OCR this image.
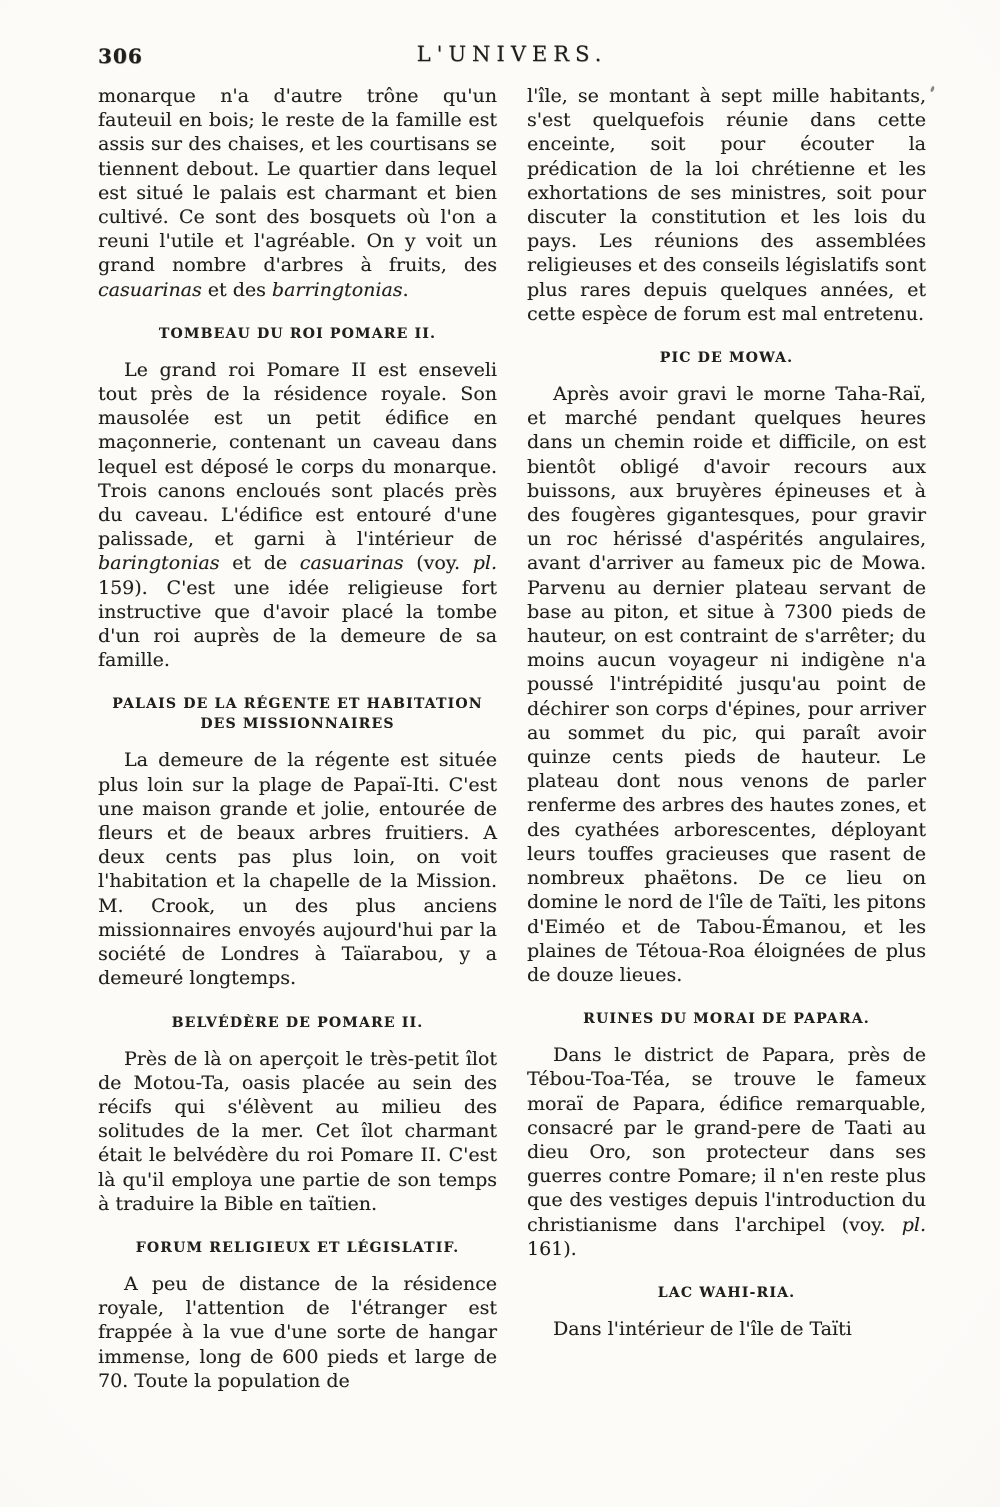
306	L'UNIVERS.

monarque n'a d'autre trône qu'un fauteuil en bois; le reste de la famille est assis sur des chaises, et les courtisans se tiennent debout. Le quartier dans lequel est situé le palais est charmant et bien cultivé. Ce sont des bosquets où l'on a reuni l'utile et l'agréable. On y voit un grand nombre d'arbres à fruits, des casuarinas et des barringtonias.

TOMBEAU DU ROI POMARE II.

Le grand roi Pomare II est enseveli tout près de la résidence royale. Son mausolée est un petit édifice en maçonnerie, contenant un caveau dans lequel est déposé le corps du monarque. Trois canons encloués sont placés près du caveau. L'édifice est entouré d'une palissade, et garni à l'intérieur de baringtonias et de casuarinas (voy. pl. 159). C'est une idée religieuse fort instructive que d'avoir placé la tombe d'un roi auprès de la demeure de sa famille.

PALAIS DE LA RÉGENTE ET HABITATION DES MISSIONNAIRES

La demeure de la régente est située plus loin sur la plage de Papaï-Iti. C'est une maison grande et jolie, entourée de fleurs et de beaux arbres fruitiers. A deux cents pas plus loin, on voit l'habitation et la chapelle de la Mission. M. Crook, un des plus anciens missionnaires envoyés aujourd'hui par la société de Londres à Taïarabou, y a demeuré longtemps.

BELVÉDÈRE DE POMARE II.

Près de là on aperçoit le très-petit îlot de Motou-Ta, oasis placée au sein des récifs qui s'élèvent au milieu des solitudes de la mer. Cet îlot charmant était le belvédère du roi Pomare II. C'est là qu'il employa une partie de son temps à traduire la Bible en taïtien.

FORUM RELIGIEUX ET LÉGISLATIF.

A peu de distance de la résidence royale, l'attention de l'étranger est frappée à la vue d'une sorte de hangar immense, long de 600 pieds et large de 70. Toute la population de

l'île, se montant à sept mille habitants, s'est quelquefois réunie dans cette enceinte, soit pour écouter la prédication de la loi chrétienne et les exhortations de ses ministres, soit pour discuter la constitution et les lois du pays. Les réunions des assemblées religieuses et des conseils législatifs sont plus rares depuis quelques années, et cette espèce de forum est mal entretenu.

PIC DE MOWA.

Après avoir gravi le morne Taha-Raï, et marché pendant quelques heures dans un chemin roide et difficile, on est bientôt obligé d'avoir recours aux buissons, aux bruyères épineuses et à des fougères gigantesques, pour gravir un roc hérissé d'aspérités angulaires, avant d'arriver au fameux pic de Mowa. Parvenu au dernier plateau servant de base au piton, et situe à 7300 pieds de hauteur, on est contraint de s'arrêter; du moins aucun voyageur ni indigène n'a poussé l'intrépidité jusqu'au point de déchirer son corps d'épines, pour arriver au sommet du pic, qui paraît avoir quinze cents pieds de hauteur. Le plateau dont nous venons de parler renferme des arbres des hautes zones, et des cyathées arborescentes, déployant leurs touffes gracieuses que rasent de nombreux phaëtons. De ce lieu on domine le nord de l'île de Taïti, les pitons d'Eiméo et de Tabou-Émanou, et les plaines de Tétoua-Roa éloignées de plus de douze lieues.

RUINES DU MORAI DE PAPARA.

Dans le district de Papara, près de Tébou-Toa-Téa, se trouve le fameux moraï de Papara, édifice remarquable, consacré par le grand-pere de Taati au dieu Oro, son protecteur dans ses guerres contre Pomare; il n'en reste plus que des vestiges depuis l'introduction du christianisme dans l'archipel (voy. pl. 161).

LAC WAHI-RIA.

Dans l'intérieur de l'île de Taïti
